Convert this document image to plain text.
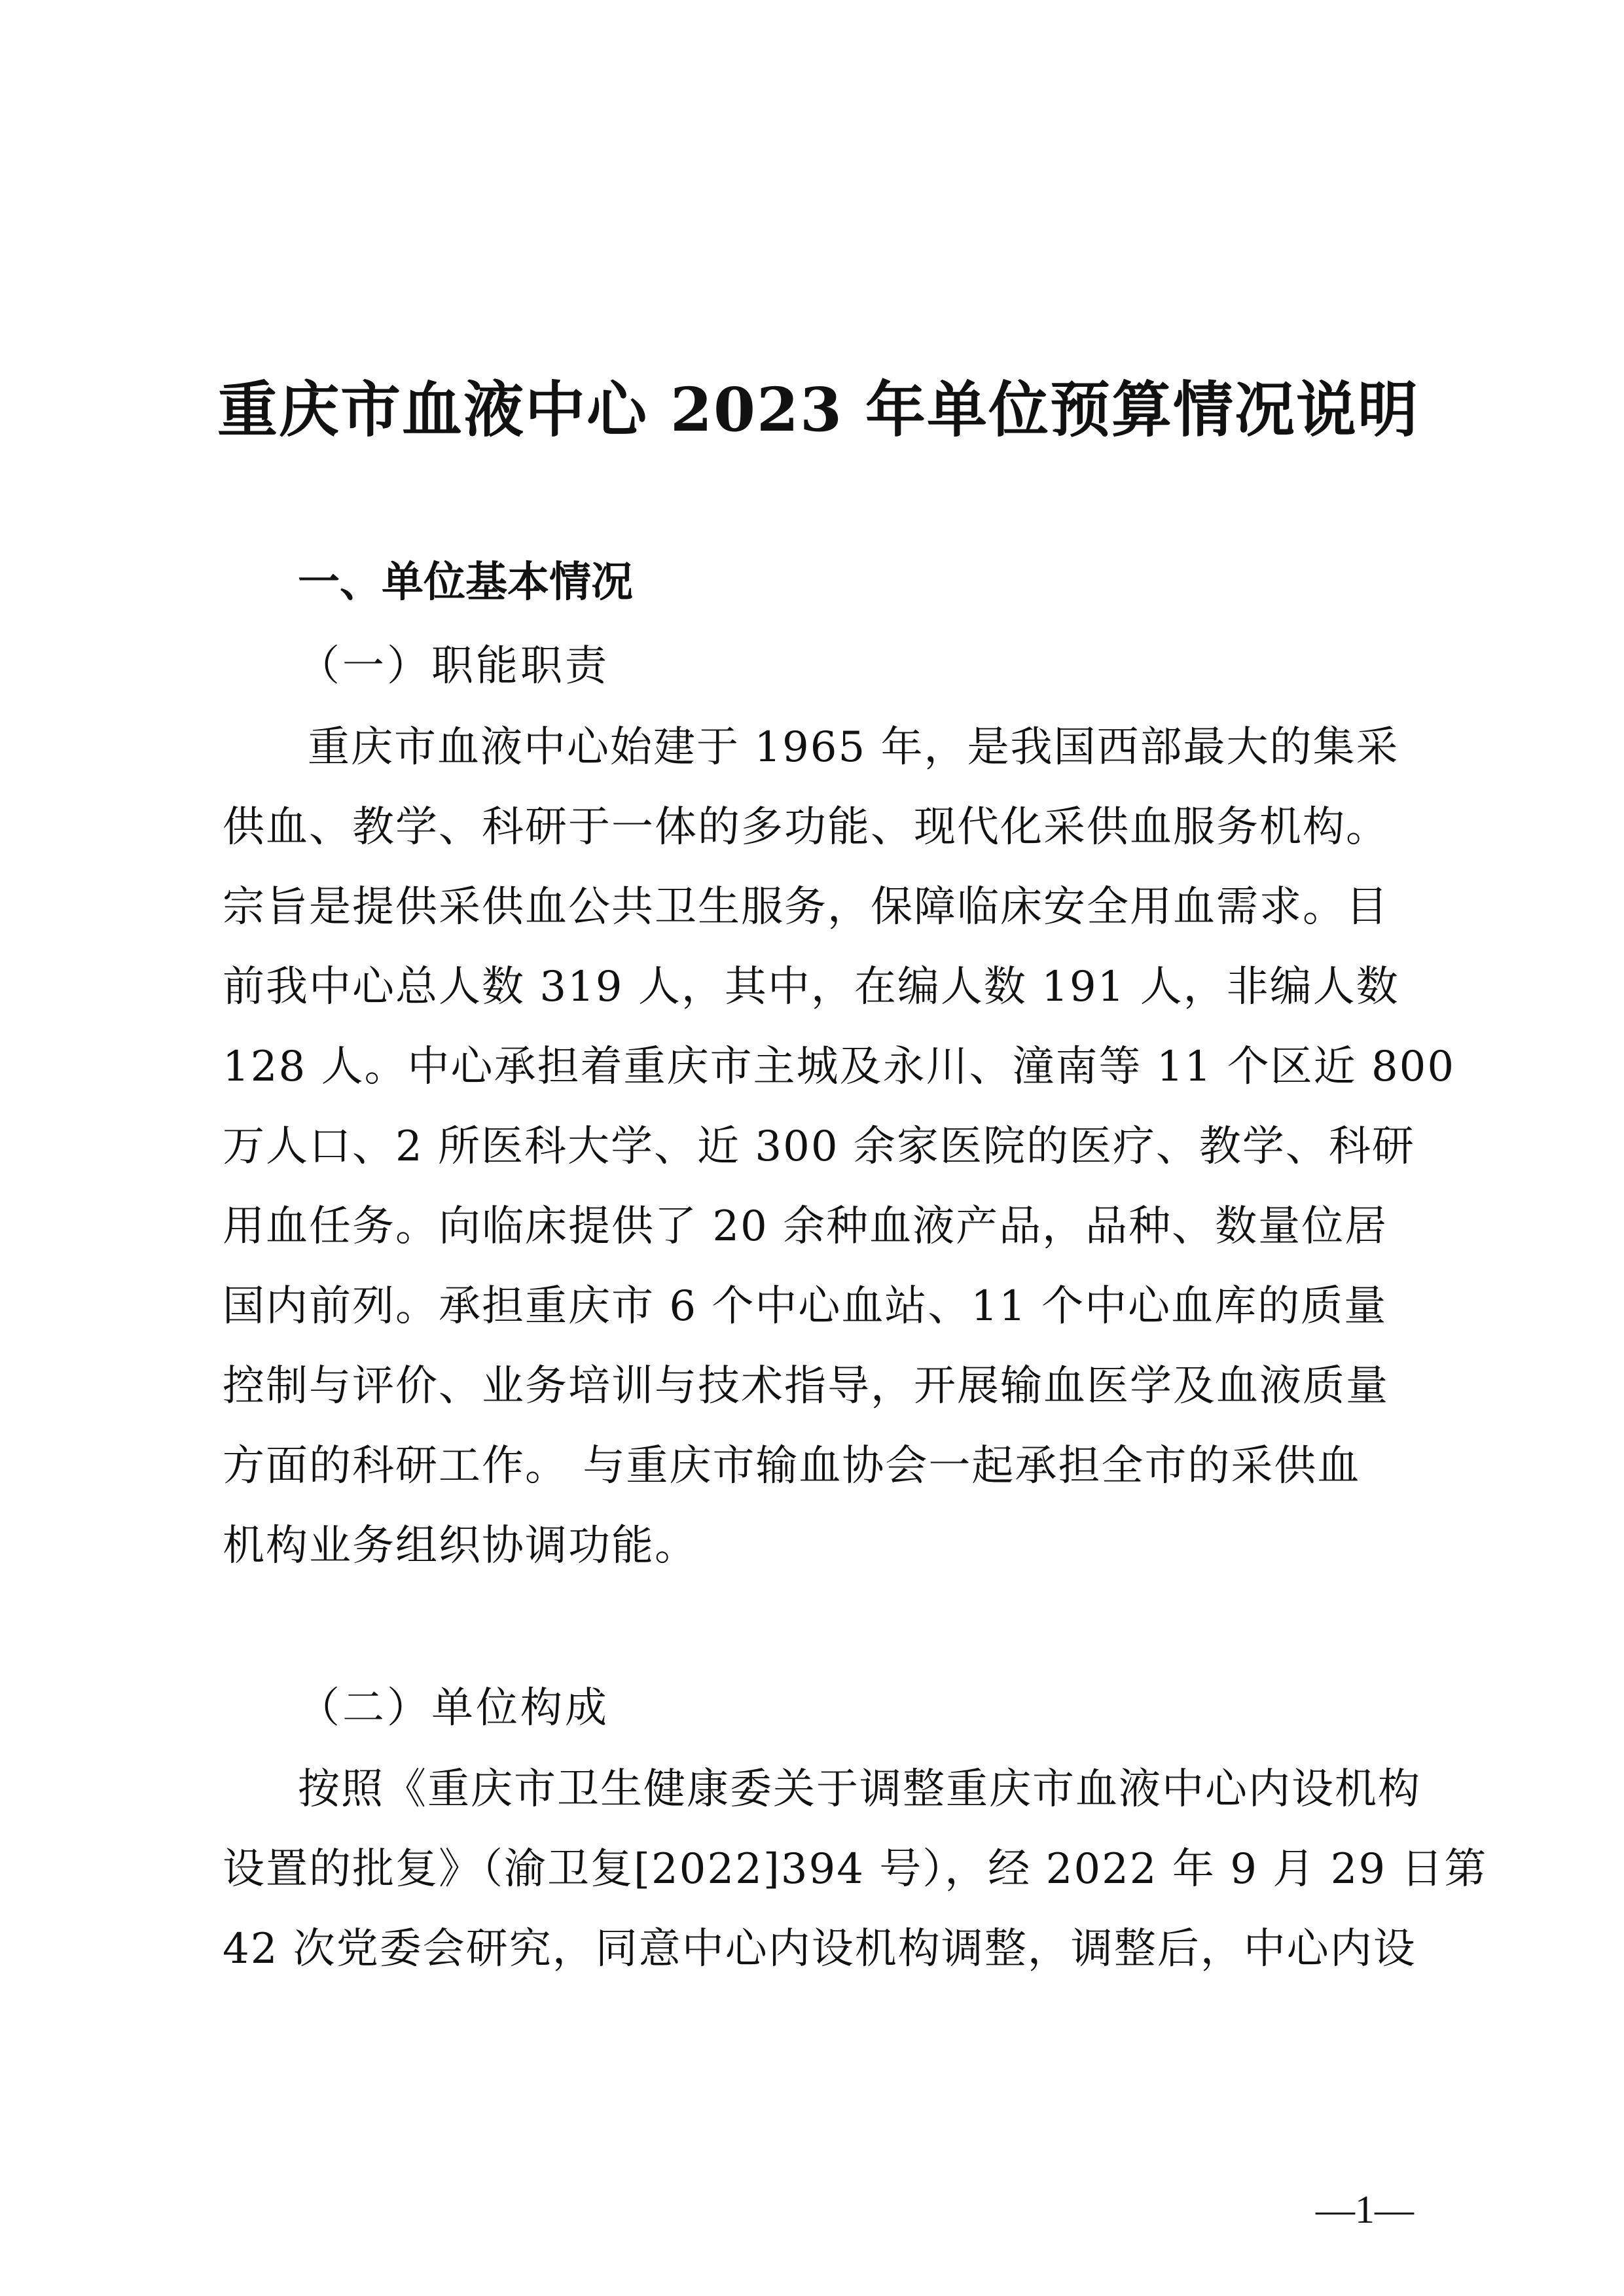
重庆市血液中心 2023 年单位预算情况说明
一、单位基本情况
（一）职能职责
重庆市血液中心始建于 1965 年，是我国西部最大的集采
供血、教学、科研于一体的多功能、现代化采供血服务机构。
宗旨是提供采供血公共卫生服务，保障临床安全用血需求。目
前我中心总人数 319 人，其中，在编人数 191 人，非编人数
128 人。中心承担着重庆市主城及永川、潼南等 11 个区近 800
万人口、2 所医科大学、近 300 余家医院的医疗、教学、科研
用血任务。向临床提供了 20 余种血液产品，品种、数量位居
国内前列。承担重庆市 6 个中心血站、11 个中心血库的质量
控制与评价、业务培训与技术指导，开展输血医学及血液质量
方面的科研工作。 与重庆市输血协会一起承担全市的采供血
机构业务组织协调功能。
（二）单位构成
按照《重庆市卫生健康委关于调整重庆市血液中心内设机构
设置的批复》（渝卫复[2022]394 号），经 2022 年 9 月 29 日第
42 次党委会研究，同意中心内设机构调整，调整后，中心内设
—1—
